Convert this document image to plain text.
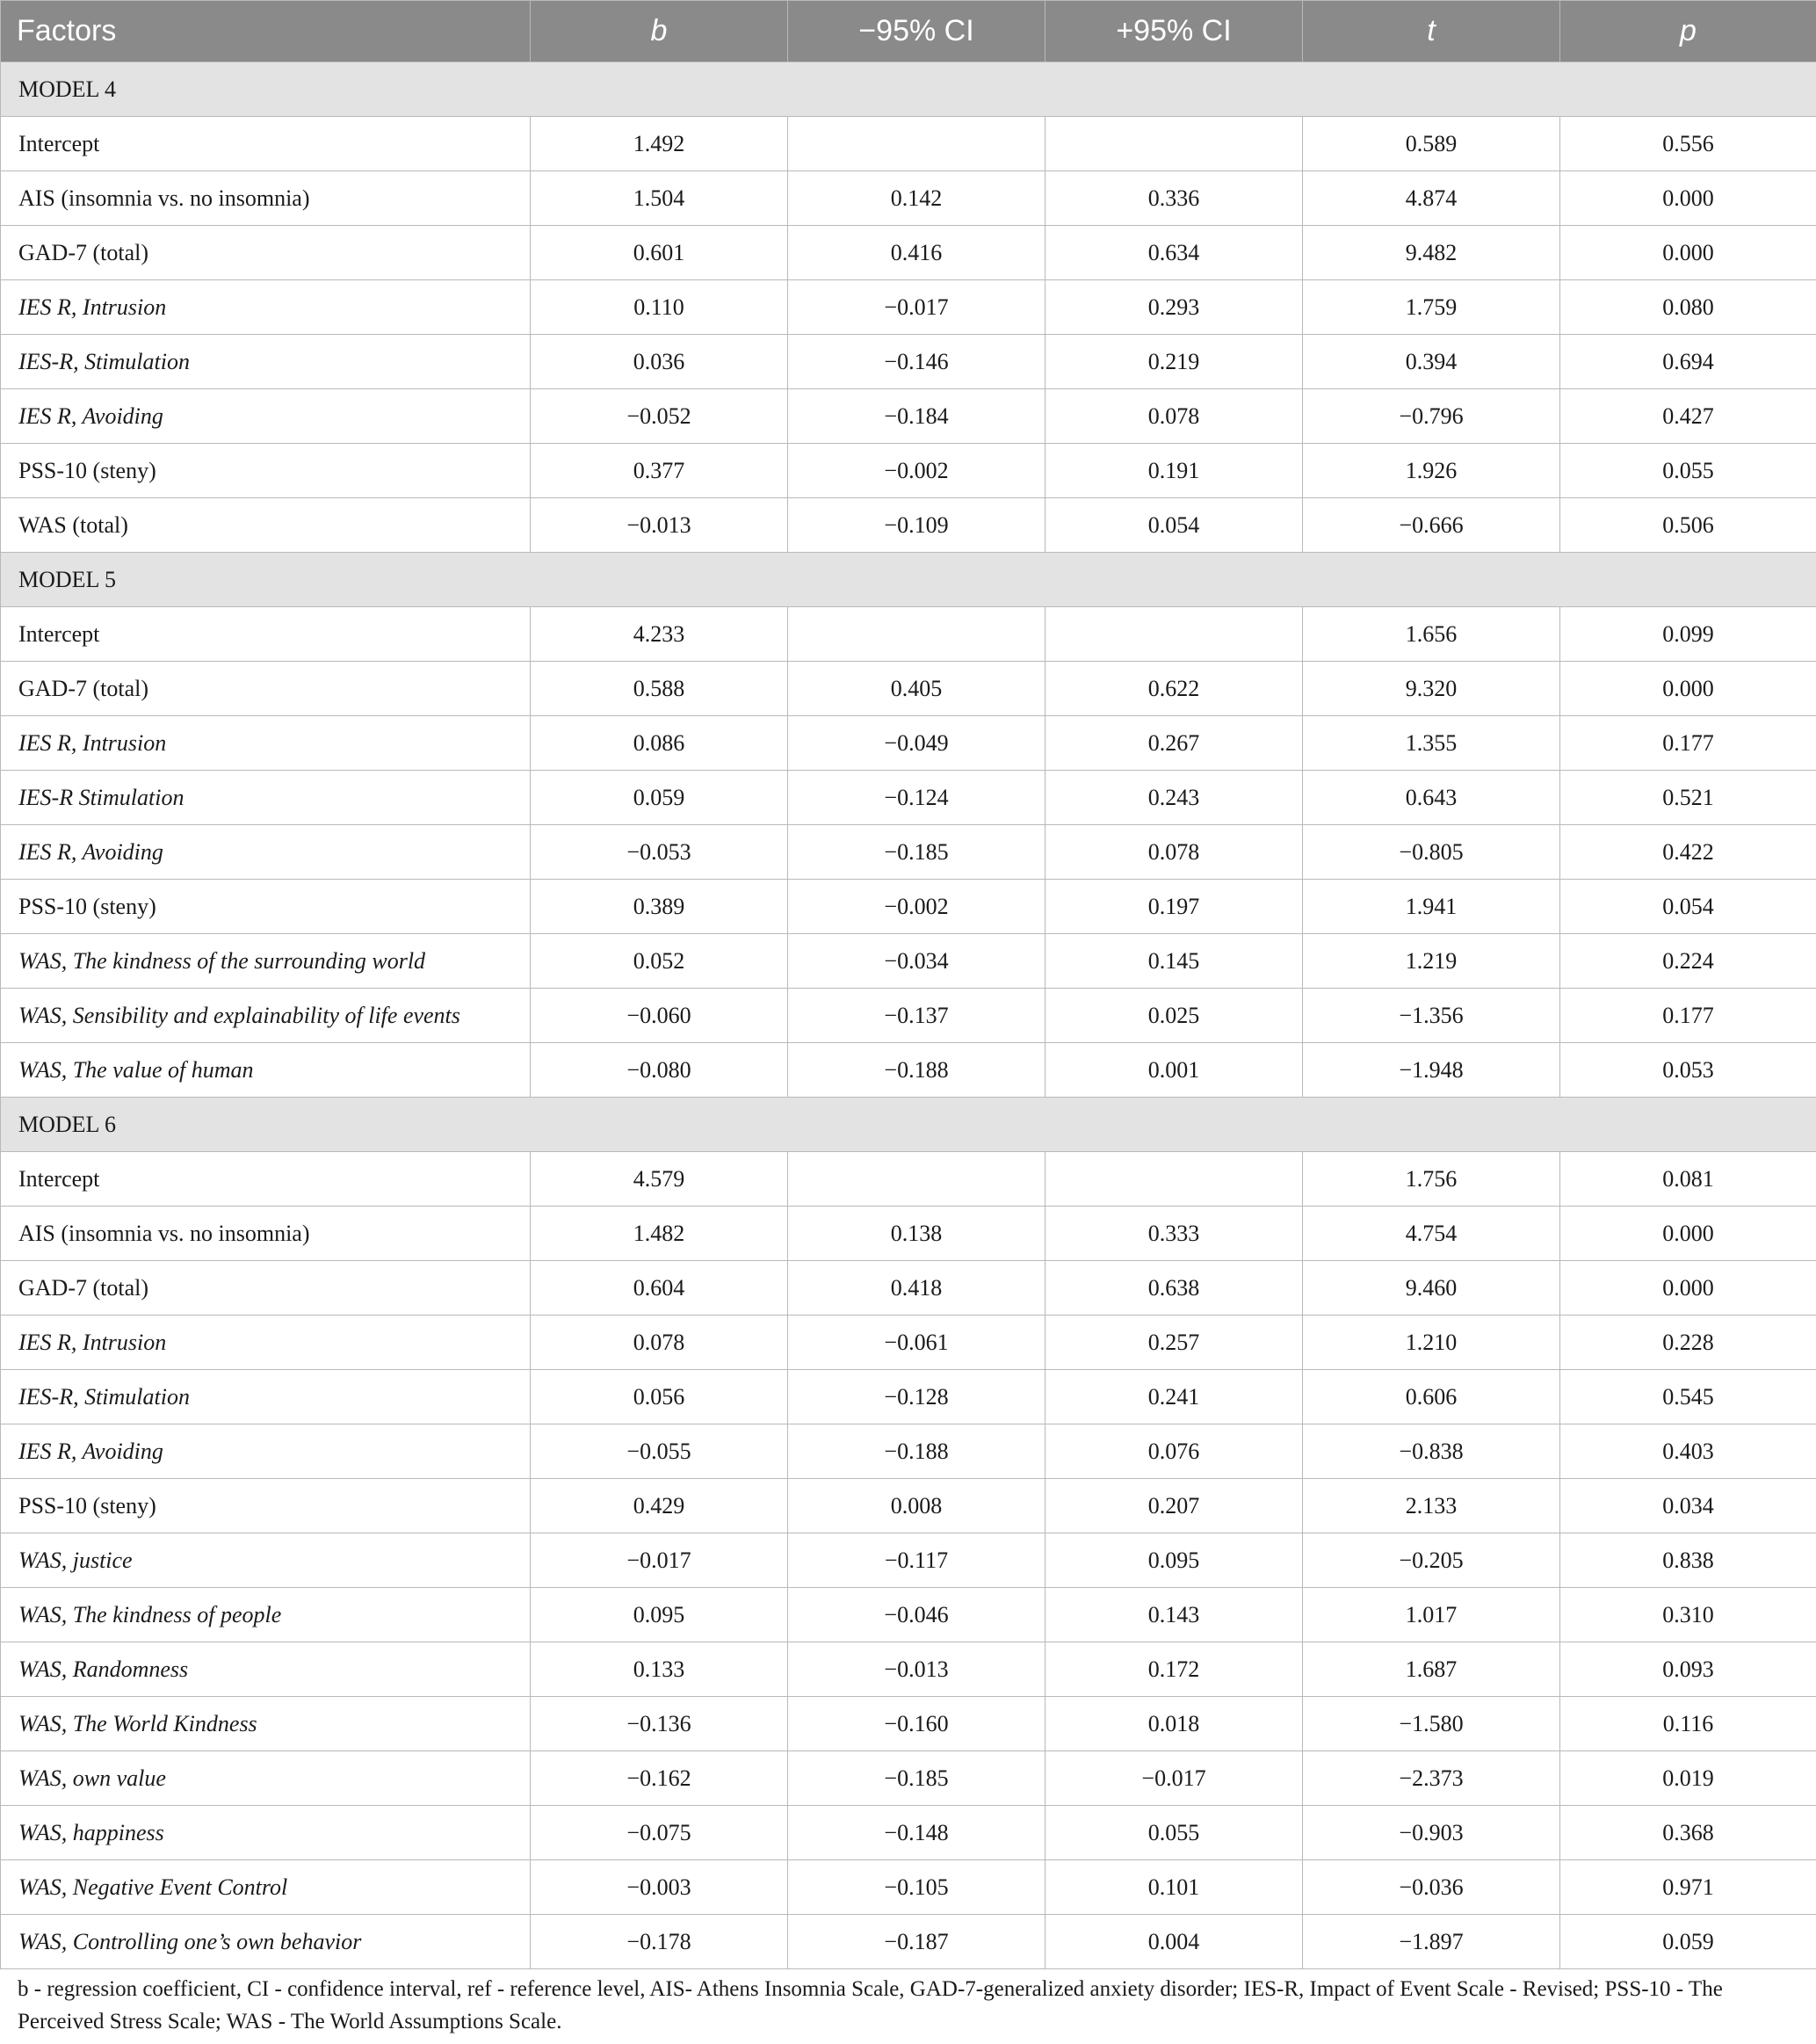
Factors	b	−95% CI	+95% CI	t	p
MODEL 4					
Intercept	1.492			0.589	0.556
AIS (insomnia vs. no insomnia)	1.504	0.142	0.336	4.874	0.000
GAD-7 (total)	0.601	0.416	0.634	9.482	0.000
IES R, Intrusion	0.110	−0.017	0.293	1.759	0.080
IES-R, Stimulation	0.036	−0.146	0.219	0.394	0.694
IES R, Avoiding	−0.052	−0.184	0.078	−0.796	0.427
PSS-10 (steny)	0.377	−0.002	0.191	1.926	0.055
WAS (total)	−0.013	−0.109	0.054	−0.666	0.506
MODEL 5					
Intercept	4.233			1.656	0.099
GAD-7 (total)	0.588	0.405	0.622	9.320	0.000
IES R, Intrusion	0.086	−0.049	0.267	1.355	0.177
IES-R Stimulation	0.059	−0.124	0.243	0.643	0.521
IES R, Avoiding	−0.053	−0.185	0.078	−0.805	0.422
PSS-10 (steny)	0.389	−0.002	0.197	1.941	0.054
WAS, The kindness of the surrounding world	0.052	−0.034	0.145	1.219	0.224
WAS, Sensibility and explainability of life events	−0.060	−0.137	0.025	−1.356	0.177
WAS, The value of human	−0.080	−0.188	0.001	−1.948	0.053
MODEL 6					
Intercept	4.579			1.756	0.081
AIS (insomnia vs. no insomnia)	1.482	0.138	0.333	4.754	0.000
GAD-7 (total)	0.604	0.418	0.638	9.460	0.000
IES R, Intrusion	0.078	−0.061	0.257	1.210	0.228
IES-R, Stimulation	0.056	−0.128	0.241	0.606	0.545
IES R, Avoiding	−0.055	−0.188	0.076	−0.838	0.403
PSS-10 (steny)	0.429	0.008	0.207	2.133	0.034
WAS, justice	−0.017	−0.117	0.095	−0.205	0.838
WAS, The kindness of people	0.095	−0.046	0.143	1.017	0.310
WAS, Randomness	0.133	−0.013	0.172	1.687	0.093
WAS, The World Kindness	−0.136	−0.160	0.018	−1.580	0.116
WAS, own value	−0.162	−0.185	−0.017	−2.373	0.019
WAS, happiness	−0.075	−0.148	0.055	−0.903	0.368
WAS, Negative Event Control	−0.003	−0.105	0.101	−0.036	0.971
WAS, Controlling one’s own behavior	−0.178	−0.187	0.004	−1.897	0.059
b - regression coefficient, CI - confidence interval, ref - reference level, AIS- Athens Insomnia Scale, GAD-7-generalized anxiety disorder; IES-R, Impact of Event Scale - Revised; PSS-10 - The Perceived Stress Scale; WAS - The World Assumptions Scale.
